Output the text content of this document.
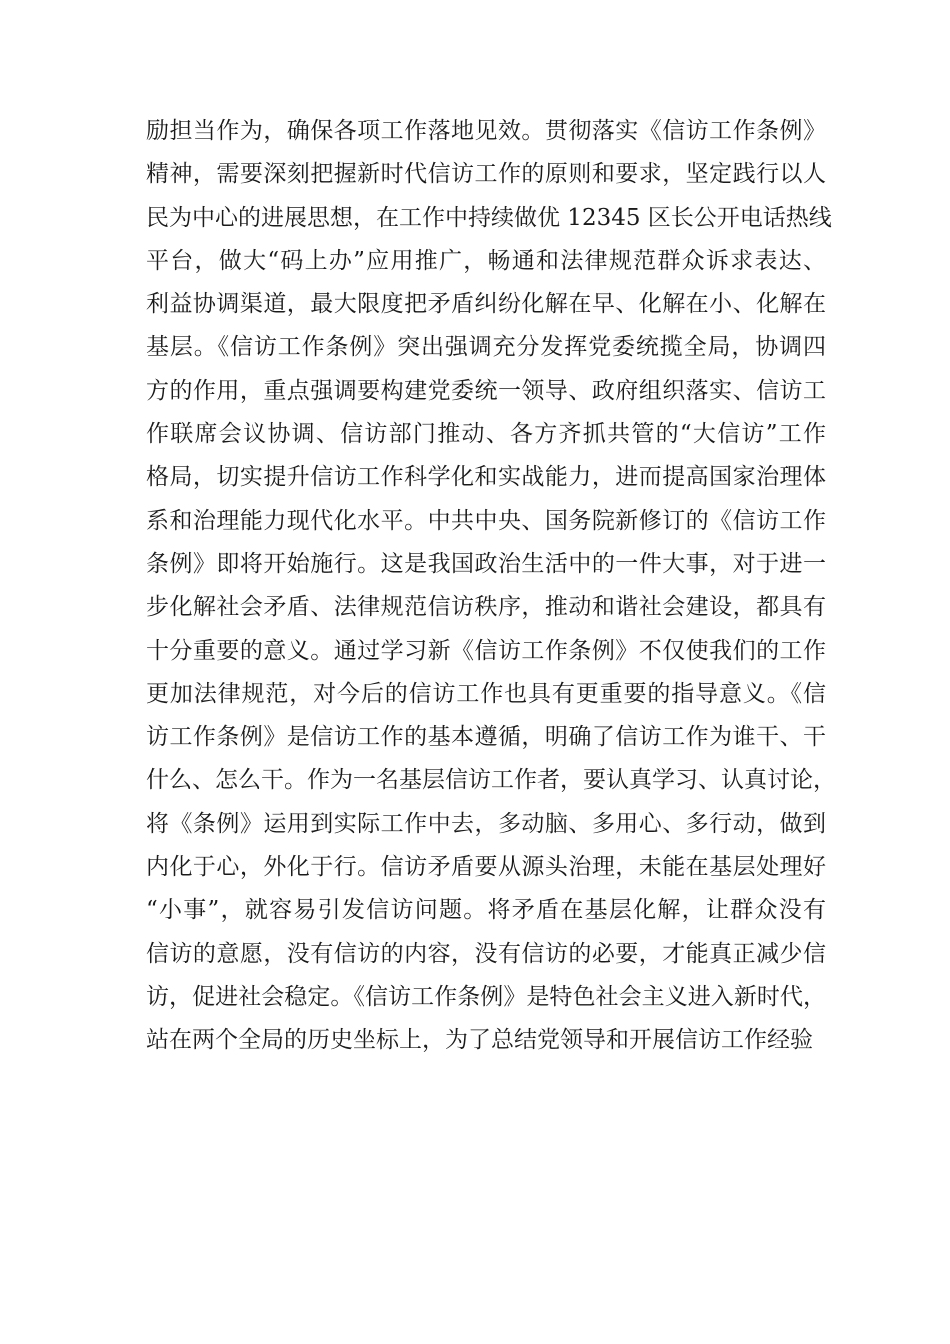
励担当作为，确保各项工作落地见效。贯彻落实《信访工作条例》
精神，需要深刻把握新时代信访工作的原则和要求，坚定践行以人
民为中心的进展思想，在工作中持续做优 12345 区长公开电话热线
平台，做大“码上办”应用推广，畅通和法律规范群众诉求表达、
利益协调渠道，最大限度把矛盾纠纷化解在早、化解在小、化解在
基层。《信访工作条例》突出强调充分发挥党委统揽全局，协调四
方的作用，重点强调要构建党委统一领导、政府组织落实、信访工
作联席会议协调、信访部门推动、各方齐抓共管的“大信访”工作
格局，切实提升信访工作科学化和实战能力，进而提高国家治理体
系和治理能力现代化水平。中共中央、国务院新修订的《信访工作
条例》即将开始施行。这是我国政治生活中的一件大事，对于进一
步化解社会矛盾、法律规范信访秩序，推动和谐社会建设，都具有
十分重要的意义。通过学习新《信访工作条例》不仅使我们的工作
更加法律规范，对今后的信访工作也具有更重要的指导意义。《信
访工作条例》是信访工作的基本遵循，明确了信访工作为谁干、干
什么、怎么干。作为一名基层信访工作者，要认真学习、认真讨论，
将《条例》运用到实际工作中去，多动脑、多用心、多行动，做到
内化于心，外化于行。信访矛盾要从源头治理，未能在基层处理好
“小事”，就容易引发信访问题。将矛盾在基层化解，让群众没有
信访的意愿，没有信访的内容，没有信访的必要，才能真正减少信
访，促进社会稳定。《信访工作条例》是特色社会主义进入新时代，
站在两个全局的历史坐标上，为了总结党领导和开展信访工作经验
